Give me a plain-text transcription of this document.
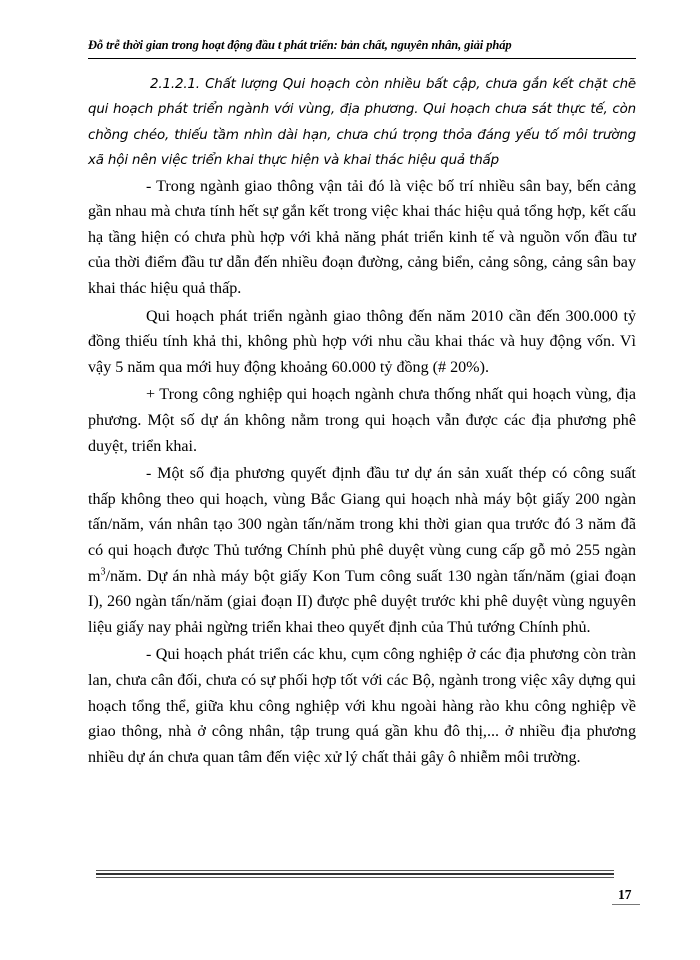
Đỗ trễ thời gian trong hoạt động đầu t phát triển: bản chất, nguyên nhân, giải pháp

2.1.2.1. Chất lượng Qui hoạch còn nhiều bất cập, chưa gắn kết chặt chẽ qui hoạch phát triển ngành với vùng, địa phương. Qui hoạch chưa sát thực tế, còn chồng chéo, thiếu tầm nhìn dài hạn, chưa chú trọng thỏa đáng yếu tố môi trường xã hội nên việc triển khai thực hiện và khai thác hiệu quả thấp

- Trong ngành giao thông vận tải đó là việc bố trí nhiều sân bay, bến cảng gần nhau mà chưa tính hết sự gắn kết trong việc khai thác hiệu quả tổng hợp, kết cấu hạ tầng hiện có chưa phù hợp với khả năng phát triển kinh tế và nguồn vốn đầu tư của thời điểm đầu tư dẫn đến nhiều đoạn đường, cảng biển, cảng sông, cảng sân bay khai thác hiệu quả thấp.

Qui hoạch phát triển ngành giao thông đến năm 2010 cần đến 300.000 tỷ đồng thiếu tính khả thi, không phù hợp với nhu cầu khai thác và huy động vốn. Vì vậy 5 năm qua mới huy động khoảng 60.000 tỷ đồng (# 20%).

+ Trong công nghiệp qui hoạch ngành chưa thống nhất qui hoạch vùng, địa phương. Một số dự án không nằm trong qui hoạch vẫn được các địa phương phê duyệt, triển khai.

- Một số địa phương quyết định đầu tư dự án sản xuất thép có công suất thấp không theo qui hoạch, vùng Bắc Giang qui hoạch nhà máy bột giấy 200 ngàn tấn/năm, ván nhân tạo 300 ngàn tấn/năm trong khi thời gian qua trước đó 3 năm đã có qui hoạch được Thủ tướng Chính phủ phê duyệt vùng cung cấp gỗ mỏ 255 ngàn $m^3$/năm. Dự án nhà máy bột giấy Kon Tum công suất 130 ngàn tấn/năm (giai đoạn I), 260 ngàn tấn/năm (giai đoạn II) được phê duyệt trước khi phê duyệt vùng nguyên liệu giấy nay phải ngừng triển khai theo quyết định của Thủ tướng Chính phủ.

- Qui hoạch phát triển các khu, cụm công nghiệp ở các địa phương còn tràn lan, chưa cân đối, chưa có sự phối hợp tốt với các Bộ, ngành trong việc xây dựng qui hoạch tổng thể, giữa khu công nghiệp với khu ngoài hàng rào khu công nghiệp về giao thông, nhà ở công nhân, tập trung quá gần khu đô thị,... ở nhiều địa phương nhiều dự án chưa quan tâm đến việc xử lý chất thải gây ô nhiễm môi trường.

17
